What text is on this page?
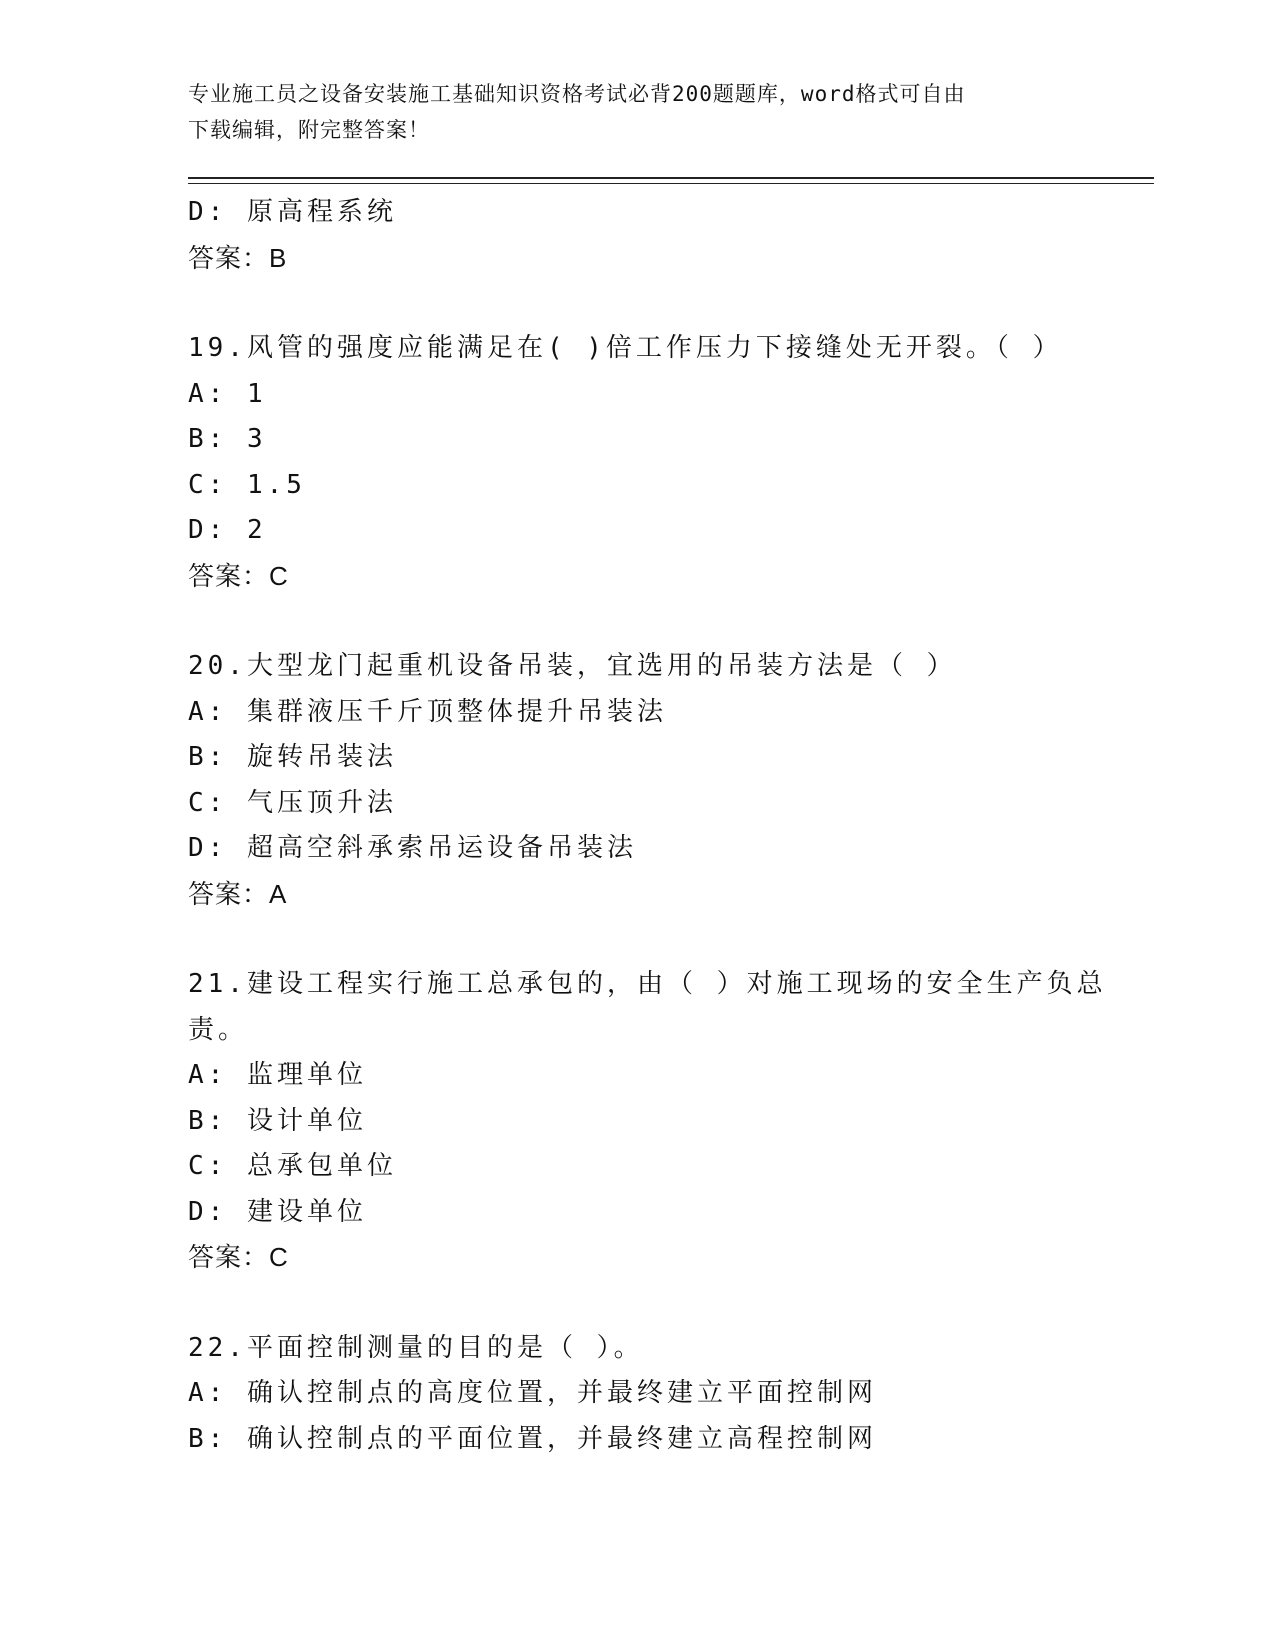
专业施工员之设备安装施工基础知识资格考试必背200题题库，word格式可自由
下载编辑，附完整答案！
D: 原高程系统
答案：B
19.风管的强度应能满足在( )倍工作压力下接缝处无开裂。（ ）
A: 1
B: 3
C: 1.5
D: 2
答案：C
20.大型龙门起重机设备吊装，宜选用的吊装方法是（ ）
A: 集群液压千斤顶整体提升吊装法
B: 旋转吊装法
C: 气压顶升法
D: 超高空斜承索吊运设备吊装法
答案：A
21.建设工程实行施工总承包的，由（ ）对施工现场的安全生产负总
责。
A: 监理单位
B: 设计单位
C: 总承包单位
D: 建设单位
答案：C
22.平面控制测量的目的是（ ）。
A: 确认控制点的高度位置，并最终建立平面控制网
B: 确认控制点的平面位置，并最终建立高程控制网
